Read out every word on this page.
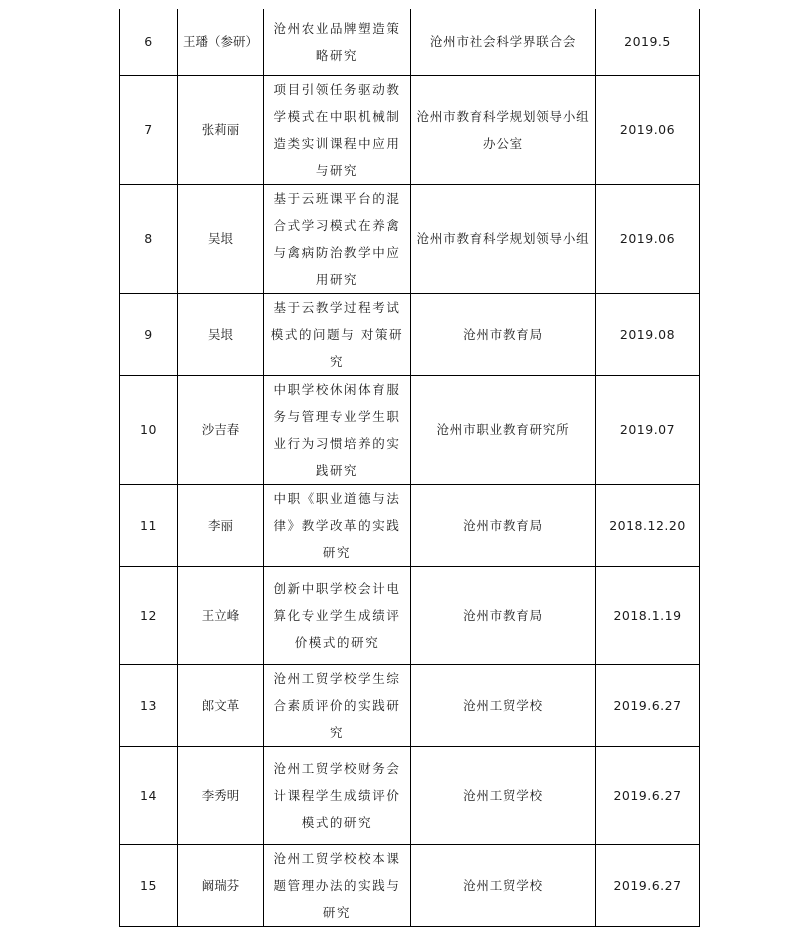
6	王璠（参研）	沧州农业品牌塑造策略研究	沧州市社会科学界联合会	2019.5
7	张莉丽	项目引领任务驱动教学模式在中职机械制造类实训课程中应用与研究	沧州市教育科学规划领导小组办公室	2019.06
8	吴垠	基于云班课平台的混合式学习模式在养禽与禽病防治教学中应用研究	沧州市教育科学规划领导小组	2019.06
9	吴垠	基于云教学过程考试模式的问题与 对策研究	沧州市教育局	2019.08
10	沙吉春	中职学校休闲体育服务与管理专业学生职业行为习惯培养的实践研究	沧州市职业教育研究所	2019.07
11	李丽	中职《职业道德与法律》教学改革的实践研究	沧州市教育局	2018.12.20
12	王立峰	创新中职学校会计电算化专业学生成绩评价模式的研究	沧州市教育局	2018.1.19
13	郎文革	沧州工贸学校学生综合素质评价的实践研究	沧州工贸学校	2019.6.27
14	李秀明	沧州工贸学校财务会计课程学生成绩评价模式的研究	沧州工贸学校	2019.6.27
15	阚瑞芬	沧州工贸学校校本课题管理办法的实践与研究	沧州工贸学校	2019.6.27
